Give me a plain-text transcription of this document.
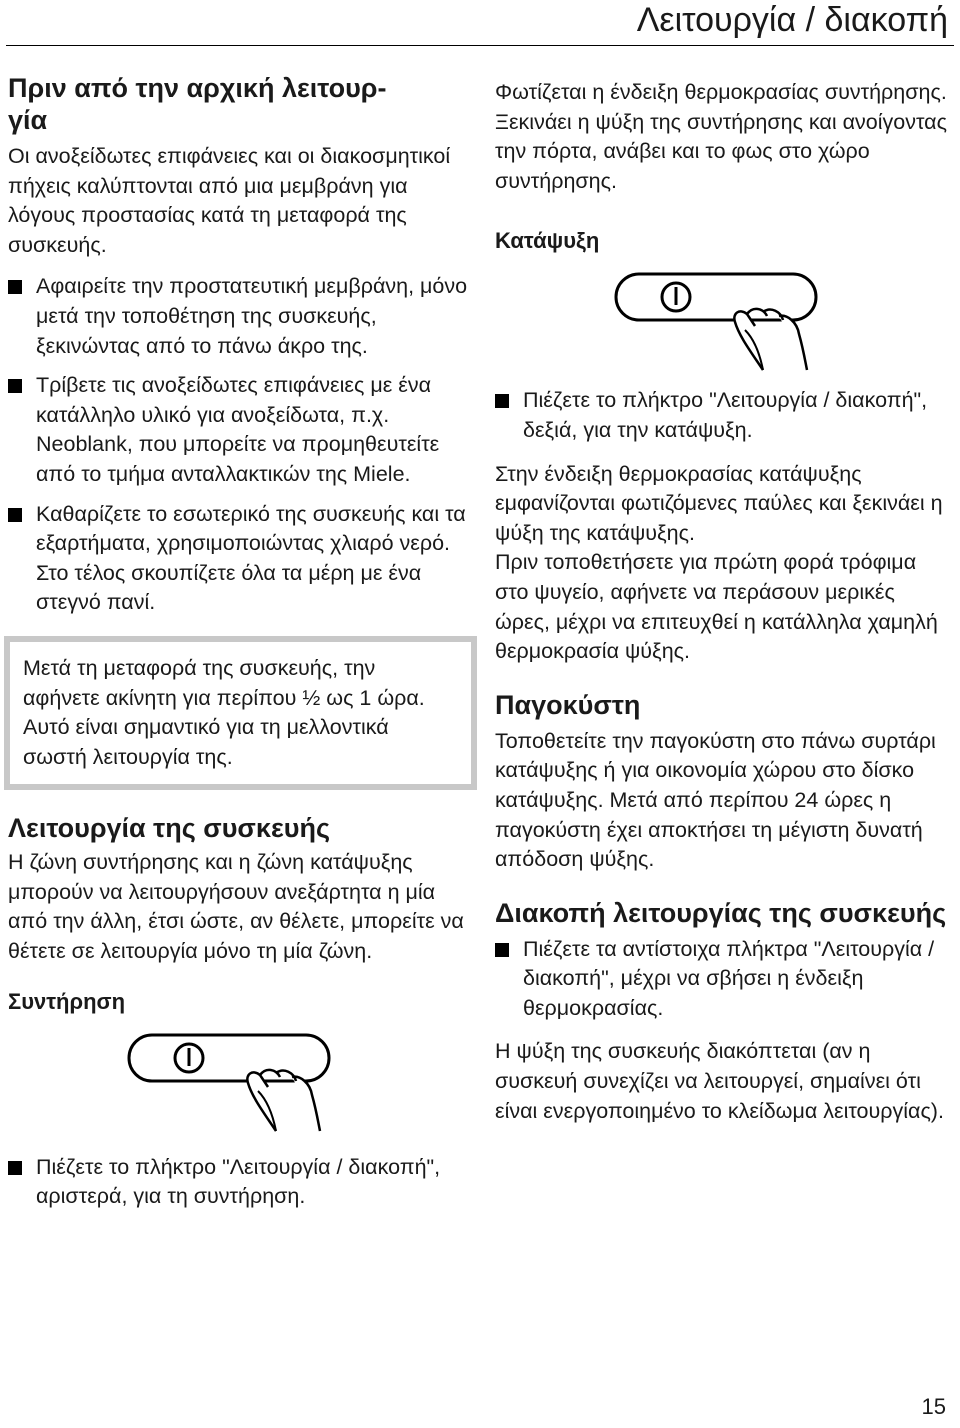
Λειτουργία / διακοπή
Πριν από την αρχική λειτουρ-
γία

Οι ανοξείδωτες επιφάνειες και οι διακοσμητικοί πήχεις καλύπτονται από μια μεμβράνη για λόγους προστασίας κατά τη μεταφορά της συσκευής.

Αφαιρείτε την προστατευτική μεμβράνη, μόνο μετά την τοποθέτηση της συσκευής, ξεκινώντας από το πάνω άκρο της.
Τρίβετε τις ανοξείδωτες επιφάνειες με ένα κατάλληλο υλικό για ανοξείδωτα, π.χ. Neoblank, που μπορείτε να προμηθευτείτε από το τμήμα ανταλλακτικών της Miele.
Καθαρίζετε το εσωτερικό της συσκευής και τα εξαρτήματα, χρησιμοποιώντας χλιαρό νερό. Στο τέλος σκουπίζετε όλα τα μέρη με ένα στεγνό πανί.

Μετά τη μεταφορά της συσκευής, την αφήνετε ακίνητη για περίπου ½ ως 1 ώρα. Αυτό είναι σημαντικό για τη μελλοντικά σωστή λειτουργία της.

Λειτουργία της συσκευής

Η ζώνη συντήρησης και η ζώνη κατάψυξης μπορούν να λειτουργήσουν ανεξάρτητα η μία από την άλλη, έτσι ώστε, αν θέλετε, μπορείτε να θέτετε σε λειτουργία μόνο τη μία ζώνη.

Συντήρηση
Πιέζετε το πλήκτρο "Λειτουργία / διακοπή", αριστερά, για τη συντήρηση.

Φωτίζεται η ένδειξη θερμοκρασίας συντήρησης. Ξεκινάει η ψύξη της συντήρησης και ανοίγοντας την πόρτα, ανάβει και το φως στο χώρο συντήρησης.

Κατάψυξη
Πιέζετε το πλήκτρο "Λειτουργία / διακοπή", δεξιά, για την κατάψυξη.

Στην ένδειξη θερμοκρασίας κατάψυξης εμφανίζονται φωτιζόμενες παύλες και ξεκινάει η ψύξη της κατάψυξης.

Πριν τοποθετήσετε για πρώτη φορά τρόφιμα στο ψυγείο, αφήνετε να περάσουν μερικές ώρες, μέχρι να επιτευχθεί η κατάλληλα χαμηλή θερμοκρασία ψύξης.

Παγοκύστη

Τοποθετείτε την παγοκύστη στο πάνω συρτάρι κατάψυξης ή για οικονομία χώρου στο δίσκο κατάψυξης. Μετά από περίπου 24 ώρες η παγοκύστη έχει αποκτήσει τη μέγιστη δυνατή απόδοση ψύξης.

Διακοπή λειτουργίας της συσκευής
Πιέζετε τα αντίστοιχα πλήκτρα "Λειτουργία / διακοπή", μέχρι να σβήσει η ένδειξη θερμοκρασίας.

Η ψύξη της συσκευής διακόπτεται (αν η συσκευή συνεχίζει να λειτουργεί, σημαίνει ότι είναι ενεργοποιημένο το κλείδωμα λειτουργίας).

15
